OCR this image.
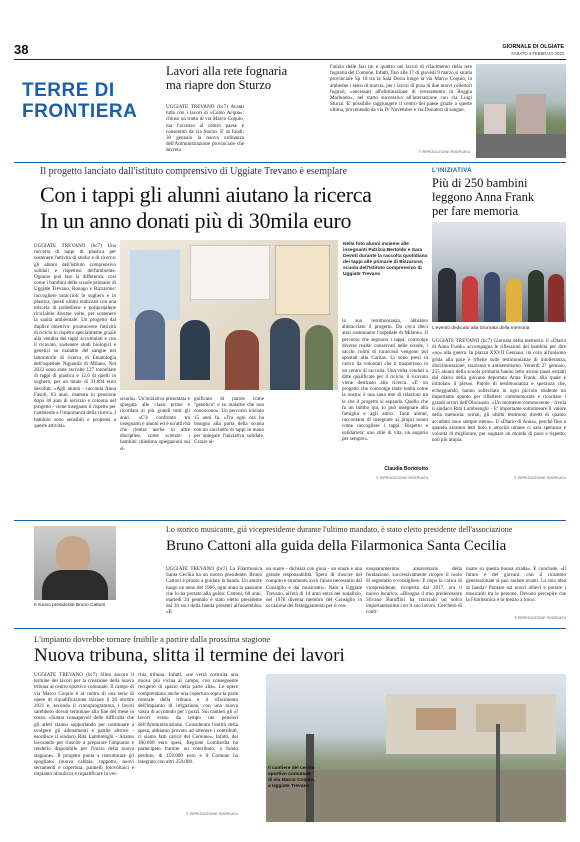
38	GIORNALE DI OLGIATE
SABATO 4 FEBBRAIO 2023
TERRE DI
FRONTIERA
Lavori alla rete fognaria
ma riapre don Sturzo
UGGIATE TREVANO (bc7) Avanti tutta con i lavori di «Como Acqua»: chiuso un tratto di via Marco Coquio, ma l'accesso al centro paese è consentito da via Sturzo. E' di fondi: 30 gennaio la nuova ordinanza dell'Amministrazione provinciale che decreta
l'inizio delle fasi tre e quattro nei lavori di rifacimento della rete fognaria del Comune. Infatti, fino alle 17 di giovedì 9 marzo si strada provinciale Sp 18 tra la Sala Doria lungo la via Marco Coquio, in ambedue i sensi di marcia, per i lavori di posa di due nuovi collettori fognari, «necessari all'eliminazione di sversamento in Roggia Marlundo», nel tratto successivo all'intersezione con via Luigi Sturzo. E' possibile raggiungere il centro del paese grazie a queste ultima, provenendo da via IV Novembre e via Donatori di sangue.
© RIPRODUZIONE RISERVATA
Il progetto lanciato dall'istituto comprensivo di Uggiate Trevano è esemplare
Con i tappi gli alunni aiutano la ricerca
In un anno donati più di 30mila euro
UGGIATE TREVANO (bc7) Una raccolta di tappi di plastica per sostenere l'attività di studio e di ricerca: gli alunni dell'istituto comprensivo solidali e rispettosi dell'ambiente. Ognuno può fare la differenza, così come i bambini delle scuole primarie di Uggiate Trevano, Ronago e Bizzarone: raccogliere turaccioli in sughero e in plastica, questi ultimi realizzati con una miscela di polietilene e polipropilene riciclabile diverse volte, per sostenere la sanità ambientale. Un progetto dal duplice obiettivo: promuovere l'attività di riciclo in rispetto specialmente grazie alla vendita dei tappi accumulati e con il ricavato, sostenere studi biologici e genetici su malattie del sangue nel laboratorio di ricerca di Ematologia dell'ospedale Niguarda di Milano. Nel 2022 sono state raccolte 127 tonnellate di tappi di plastica e 12,6 di quelli in sughero, per un totale di 31.894 euro devoluti. «Agli alunni - racconta Anna Fasoli, 63 anni, maestra in pensione dopo 38 anni di servizio e colonna nel progetto - viene insegnato il rispetto per l'ambiente e l'importanza della ricerca. I bambini sono sensibili e propensi a queste attività».
Nella foto alunni insieme alle insegnanti Patrizia Bertoldo e Sara Devoti durante la raccolta quotidiana dei tappi alle primarie di Bizzarone, scuola dell'Istituto comprensivo di Uggiate Trevano
scuola». Un'iniziativa presentata e spiegata alle classi prime e ricordata ai più grandi tutti gli anni. «C'è confronto tra insegnanti e alunni ed è un'attività che rientra anche in altre discipline, come scienze: i bambini chiedono spiegazioni sul si-
gnificato di parole come "genetica" e su malattie che non conoscono». Un percorso iniziato 15 anni fa. «Tra ogni ora ha bisogno alla porta della scuola con un sacchetto di tappi in mano per spiegare l'iniziativa solidale. Grazie al-
la sua testimonianza, abbiamo abbracciato il progetto. Da circa dieci anni sosteniamo l'ospedale di Milano». Il percorso che seguono i tappi, coinvolge diverse realtà: conservati nelle scuole, i sacchi colmi di turaccioli vengono poi spostati alla Caritas. Lì sono presi in carico da volontari che li trasportano in un centro di raccolta. Una volta venduti a ditte qualificate per il riciclo, il ricavato viene destinato alla ricerca. «E' un progetto che coinvolge tante realtà come la nostra; è una sana rete di relazioni tra le che il progetto si espanda. Quello che fa un bimbo qui, lo può insegnare alla famiglia e agli amici. Tanti alunni, raccontano di insegnare ai propri nonni come raccogliere i tappi. Rispetto e solidarietà: uno stile di vita, un augurio per sempre».
Claudia Bortolotto
© RIPRODUZIONE RISERVATA
L'INIZIATIVA
Più di 250 bambini
leggono Anna Frank
per fare memoria
L'evento dedicato alla Giornata della memoria
UGGIATE TREVANO (bc7) Giornata della memoria: il «Diario di Anna Frank» accompagna le riflessioni dei bambini per dire «no» alla guerra. In piazza XXVII Gennaio, un coro all'unisono grida alla pace e riflette sulle testimonianze di intolleranza, discriminazione, razzismo e antisemitismo. Venerdì 27 gennaio, 255 alunni della scuola primaria hanno letto alcuni passi estratti dal diario della giovane deportata Anna Frank, alla quale è intitolato il plesso. Parole di testimonianza e speranza che, echeggiando, hanno sollecitato in ogni piccolo studente un importante spunto per riflettere: commemorare e ricordare i grandi orrori dell'Olocausto. «Un momento commovente - rivela il sindaco Rita Lambrenghi - E' importante sottolineare il valore della memoria: ormai, gli ultimi testimoni diretti di quanto accaduto sono sempre meno». Il «Diario di Anna», perché fino a quando saranno letti bolo e atrocità umane ci sarà speranza e volontà di migliorare, per sognare un mondo di pace e rispetto, non più utopia.
© RIPRODUZIONE RISERVATA
Il nuovo presidente Bruno Cattoni
Lo storico musicante, già vicepresidente durante l'ultimo mandato, è stato eletto presidente dell'associazione
Bruno Cattoni alla guida della Filarmonica Santa Cecilia
UGGIATE TREVANO (bc7) La Filarmonica Santa Cecilia ha un nuovo presidente: Bruno Cattoni è pronto a guidare la banda. Un amore lungo un anno del 1966, ogni anno la passione che lo ha portato alla guida: Cattoni, 68 anni, martedì 24 gennaio è stato eletto presidente dai 30 soci della banda presenti all'assemblea. «Il
un onore - dichiara con gioia - un onore e una grande responsabilità. Spero di riuscire nel compito e strumento avrò l'aiuto necessario dal Consiglio e dai musicanti». Nato a Uggiate Trevano, all'età di 14 anni entra nel sodalizio, nel 1976 diventa membro del Consiglio in occasione dei festeggiamenti per il cen-
tosquarantesimo anniversario della fondazione, successivamente ricopre il ruolo di segretario e consigliere. E dopo la carica di vicepresidente, ricoperta dal 2017, ora il nuovo incarico. «Bisogna il mio predecessore Silvano Baruffini ha traccialo un solco importantissimo con il suo lavoro. Cercherò di conti-
nuare su questa buona strada». E conclude: «Il futuro è dei giovani: con il ricambio generazionale si può andare avanti. La mia idea di banda? Puntare sui nuovi allievi e portare i musicanti tra le persone. Devono percepire che la Filarmonica è in mezzo a loro».
© RIPRODUZIONE RISERVATA
L'impianto dovrebbe tornare fruibile a partire dalla prossima stagione
Nuova tribuna, slitta il termine dei lavori
UGGIATE TREVANO (bc7) Slitta ancora il termine dei lavori per la creazione della nuova tribuna al centro sportivo comunale. Il campo di via Marco Coquio è al centro di una serie di opere di riqualificazione iniziate il 20 ottobre 2021 e, secondo il cronoprogramma, i lavori sarebbero dovuti terminare alla fine del mese in corso. «Siamo consapevoli delle difficoltà che gli atleti stanno sopportando per continuare a svolgere gli allenamenti e partite altrove - esordisce il sindaco Rita Lambrenghi - Stiamo lavorando per riuscire a preparare l'impianto e renderlo disponibile per l'inizio della nuova stagione». Il progetto punta a ristrutturare gli spogliatoi (nuova caldaia, cappotto, nuovi serramenti e copertura, pannelli fotovoltaici e impianto idraulico) e riqualificare la vec-
chia tribuna. Infatti, «ne verrà costruita una nuova più vicina al campo, con conseguente recupero di spazio nella parte alta». Le opere comprendono anche una copertura sopra la parte centrale della tribuna e il rifacimento dell'impianto di irrigazione, con una nuova vasca di accumulo per i pozzi. Sui cantieri gli «I lavori erano da tempo nei pensieri dell'Amministrazione. Considerata l'entità della spesa, abbiamo provato ad ottenere i contributi, ci siamo fatti carico del Comune». Infatti, dei 380.000 euro spesi, Regione Lombardia ha partecipato tramite un contributo, a fondo perduto, di 150.000 euro e il Comune ha integrato con altri 250.000.
© RIPRODUZIONE RISERVATA
Il cantiere del centro sportivo comunale di via Marco Coquio, a Uggiate Trevano
